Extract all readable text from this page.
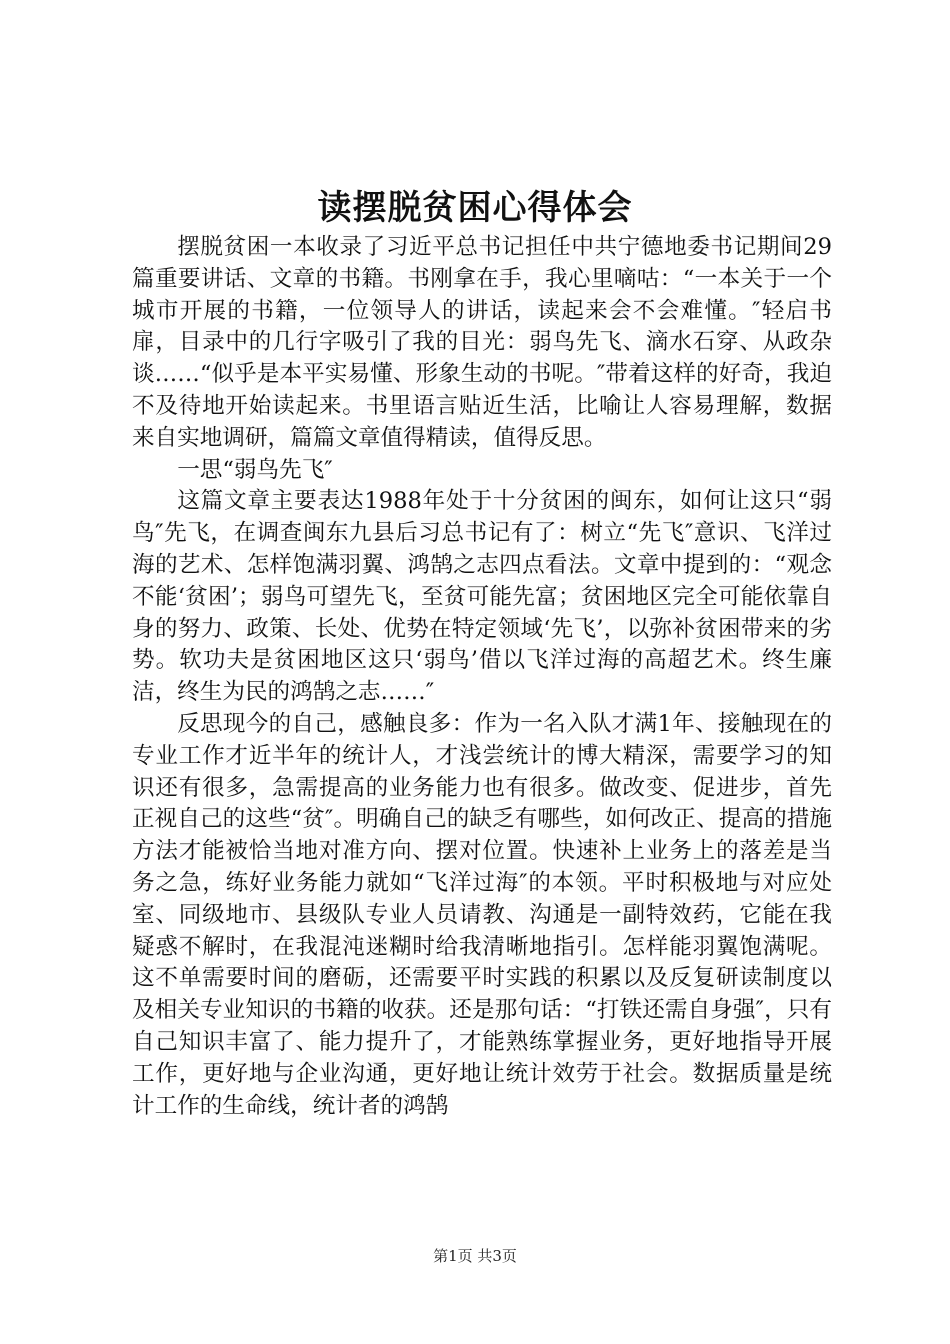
读摆脱贫困心得体会

摆脱贫困一本收录了习近平总书记担任中共宁德地委书记期间29篇重要讲话、文章的书籍。书刚拿在手，我心里嘀咕：“一本关于一个城市开展的书籍，一位领导人的讲话，读起来会不会难懂。″轻启书扉，目录中的几行字吸引了我的目光：弱鸟先飞、滴水石穿、从政杂谈……“似乎是本平实易懂、形象生动的书呢。″带着这样的好奇，我迫不及待地开始读起来。书里语言贴近生活，比喻让人容易理解，数据来自实地调研，篇篇文章值得精读，值得反思。

一思“弱鸟先飞″

这篇文章主要表达1988年处于十分贫困的闽东，如何让这只“弱鸟″先飞，在调查闽东九县后习总书记有了：树立“先飞″意识、飞洋过海的艺术、怎样饱满羽翼、鸿鹄之志四点看法。文章中提到的：“观念不能‘贫困’；弱鸟可望先飞，至贫可能先富；贫困地区完全可能依靠自身的努力、政策、长处、优势在特定领域‘先飞’，以弥补贫困带来的劣势。软功夫是贫困地区这只‘弱鸟’借以飞洋过海的高超艺术。终生廉洁，终生为民的鸿鹄之志……″

反思现今的自己，感触良多：作为一名入队才满1年、接触现在的专业工作才近半年的统计人，才浅尝统计的博大精深，需要学习的知识还有很多，急需提高的业务能力也有很多。做改变、促进步，首先正视自己的这些“贫″。明确自己的缺乏有哪些，如何改正、提高的措施方法才能被恰当地对准方向、摆对位置。快速补上业务上的落差是当务之急，练好业务能力就如“飞洋过海″的本领。平时积极地与对应处室、同级地市、县级队专业人员请教、沟通是一副特效药，它能在我疑惑不解时，在我混沌迷糊时给我清晰地指引。怎样能羽翼饱满呢。这不单需要时间的磨砺，还需要平时实践的积累以及反复研读制度以及相关专业知识的书籍的收获。还是那句话：“打铁还需自身强″，只有自己知识丰富了、能力提升了，才能熟练掌握业务，更好地指导开展工作，更好地与企业沟通，更好地让统计效劳于社会。数据质量是统计工作的生命线，统计者的鸿鹄

第1页 共3页
